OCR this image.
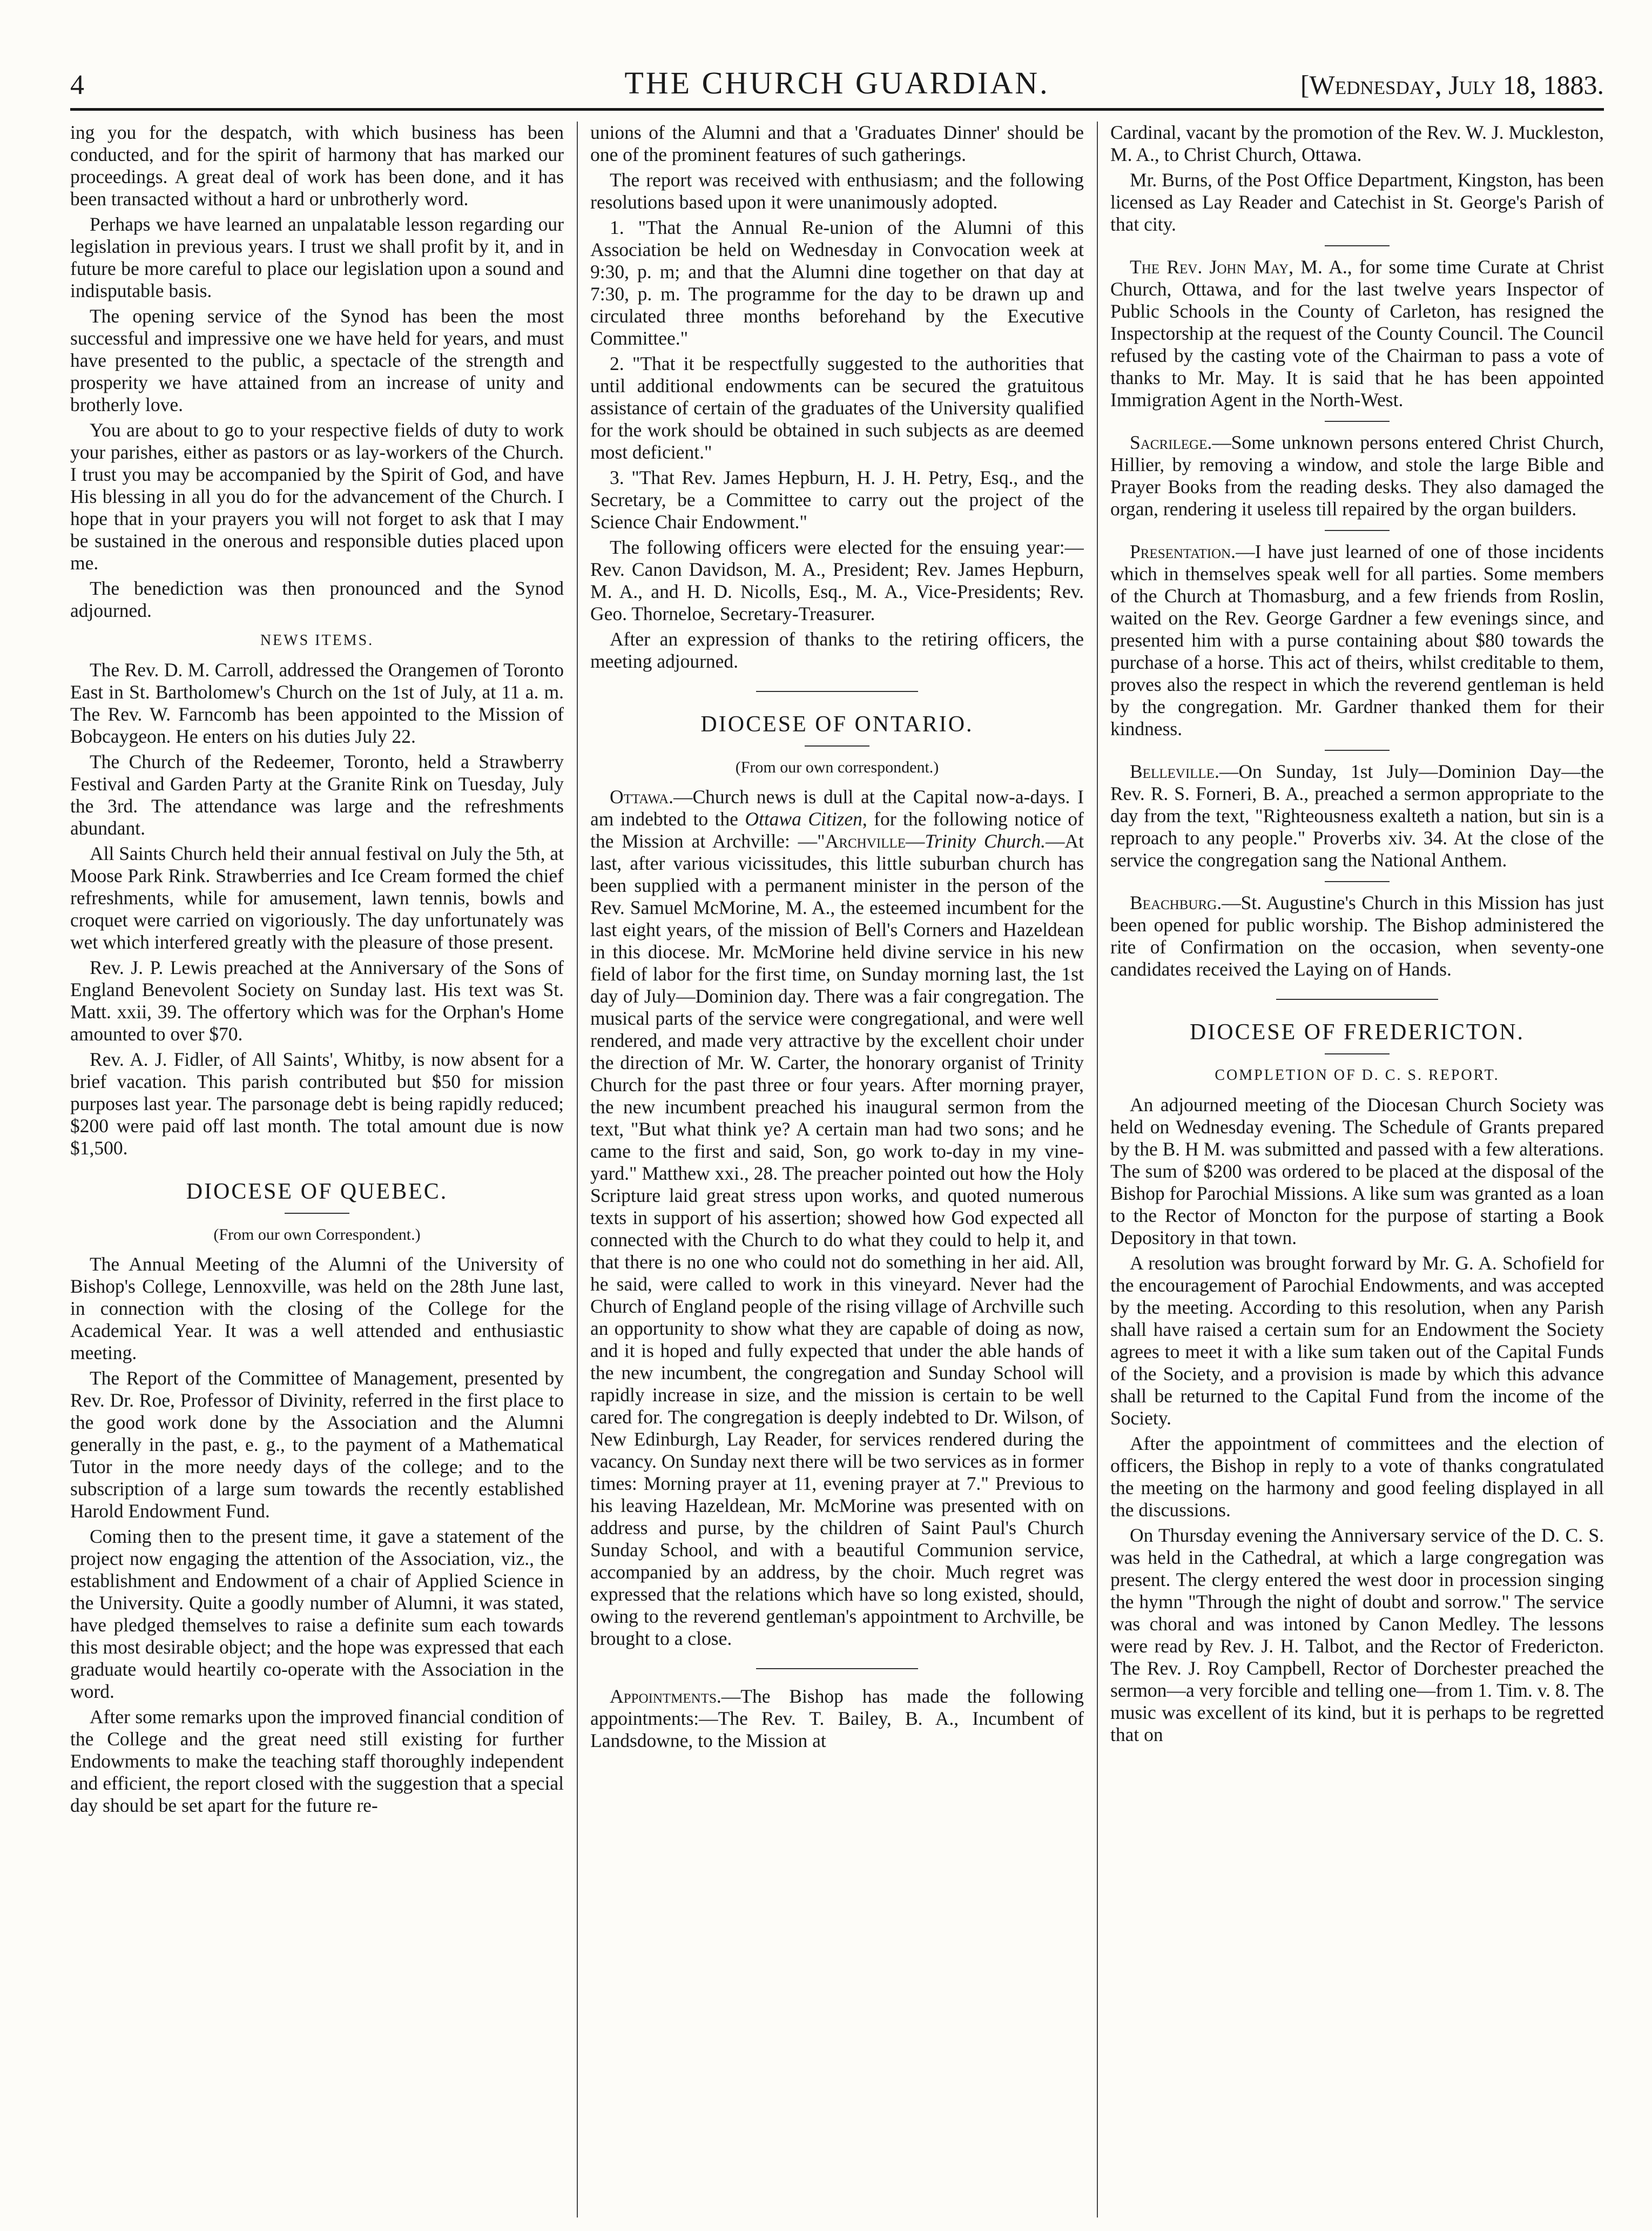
4	THE CHURCH GUARDIAN.	[Wednesday, July 18, 1883.

ing you for the despatch, with which business has been conducted, and for the spirit of harmony that has marked our proceedings. A great deal of work has been done, and it has been transacted without a hard or unbrotherly word.

Perhaps we have learned an unpalatable lesson regarding our legislation in previous years. I trust we shall profit by it, and in future be more careful to place our legislation upon a sound and indisputable basis.

The opening service of the Synod has been the most successful and impressive one we have held for years, and must have presented to the public, a spectacle of the strength and prosperity we have attained from an increase of unity and brotherly love.

You are about to go to your respective fields of duty to work your parishes, either as pastors or as lay-workers of the Church. I trust you may be accompanied by the Spirit of God, and have His blessing in all you do for the advancement of the Church. I hope that in your prayers you will not forget to ask that I may be sustained in the onerous and responsible duties placed upon me.

The benediction was then pronounced and the Synod adjourned.

NEWS ITEMS.

The Rev. D. M. Carroll, addressed the Orangemen of Toronto East in St. Bartholomew's Church on the 1st of July, at 11 a. m. The Rev. W. Farncomb has been appointed to the Mission of Bobcaygeon. He enters on his duties July 22.

The Church of the Redeemer, Toronto, held a Strawberry Festival and Garden Party at the Granite Rink on Tuesday, July the 3rd. The attendance was large and the refreshments abundant.

All Saints Church held their annual festival on July the 5th, at Moose Park Rink. Strawberries and Ice Cream formed the chief refreshments, while for amusement, lawn tennis, bowls and croquet were carried on vigoriously. The day unfortunately was wet which interfered greatly with the pleasure of those present.

Rev. J. P. Lewis preached at the Anniversary of the Sons of England Benevolent Society on Sunday last. His text was St. Matt. xxii, 39. The offertory which was for the Orphan's Home amounted to over $70.

Rev. A. J. Fidler, of All Saints', Whitby, is now absent for a brief vacation. This parish contributed but $50 for mission purposes last year. The parsonage debt is being rapidly reduced; $200 were paid off last month. The total amount due is now $1,500.

DIOCESE OF QUEBEC.
(From our own Correspondent.)

The Annual Meeting of the Alumni of the University of Bishop's College, Lennoxville, was held on the 28th June last, in connection with the closing of the College for the Academical Year. It was a well attended and enthusiastic meeting.

The Report of the Committee of Management, presented by Rev. Dr. Roe, Professor of Divinity, referred in the first place to the good work done by the Association and the Alumni generally in the past, e. g., to the payment of a Mathematical Tutor in the more needy days of the college; and to the subscription of a large sum towards the recently established Harold Endowment Fund.

Coming then to the present time, it gave a statement of the project now engaging the attention of the Association, viz., the establishment and Endowment of a chair of Applied Science in the University. Quite a goodly number of Alumni, it was stated, have pledged themselves to raise a definite sum each towards this most desirable object; and the hope was expressed that each graduate would heartily co-operate with the Association in the word.

After some remarks upon the improved financial condition of the College and the great need still existing for further Endowments to make the teaching staff thoroughly independent and efficient, the report closed with the suggestion that a special day should be set apart for the future re-

unions of the Alumni and that a 'Graduates Dinner' should be one of the prominent features of such gatherings.

The report was received with enthusiasm; and the following resolutions based upon it were unanimously adopted.

1. "That the Annual Re-union of the Alumni of this Association be held on Wednesday in Convocation week at 9:30, p. m; and that the Alumni dine together on that day at 7:30, p. m. The programme for the day to be drawn up and circulated three months beforehand by the Executive Committee."

2. "That it be respectfully suggested to the authorities that until additional endowments can be secured the gratuitous assistance of certain of the graduates of the University qualified for the work should be obtained in such subjects as are deemed most deficient."

3. "That Rev. James Hepburn, H. J. H. Petry, Esq., and the Secretary, be a Committee to carry out the project of the Science Chair Endowment."

The following officers were elected for the ensuing year:—Rev. Canon Davidson, M. A., President; Rev. James Hepburn, M. A., and H. D. Nicolls, Esq., M. A., Vice-Presidents; Rev. Geo. Thorneloe, Secretary-Treasurer.

After an expression of thanks to the retiring officers, the meeting adjourned.

DIOCESE OF ONTARIO.
(From our own correspondent.)

Ottawa.—Church news is dull at the Capital now-a-days. I am indebted to the Ottawa Citizen, for the following notice of the Mission at Archville: —"Archville—Trinity Church.—At last, after various vicissitudes, this little suburban church has been supplied with a permanent minister in the person of the Rev. Samuel McMorine, M. A., the esteemed incumbent for the last eight years, of the mission of Bell's Corners and Hazeldean in this diocese. Mr. McMorine held divine service in his new field of labor for the first time, on Sunday morning last, the 1st day of July—Dominion day. There was a fair congregation. The musical parts of the service were congregational, and were well rendered, and made very attractive by the excellent choir under the direction of Mr. W. Carter, the honorary organist of Trinity Church for the past three or four years. After morning prayer, the new incumbent preached his inaugural sermon from the text, "But what think ye? A certain man had two sons; and he came to the first and said, Son, go work to-day in my vine-yard." Matthew xxi., 28. The preacher pointed out how the Holy Scripture laid great stress upon works, and quoted numerous texts in support of his assertion; showed how God expected all connected with the Church to do what they could to help it, and that there is no one who could not do something in her aid. All, he said, were called to work in this vineyard. Never had the Church of England people of the rising village of Archville such an opportunity to show what they are capable of doing as now, and it is hoped and fully expected that under the able hands of the new incumbent, the congregation and Sunday School will rapidly increase in size, and the mission is certain to be well cared for. The congregation is deeply indebted to Dr. Wilson, of New Edinburgh, Lay Reader, for services rendered during the vacancy. On Sunday next there will be two services as in former times: Morning prayer at 11, evening prayer at 7." Previous to his leaving Hazeldean, Mr. McMorine was presented with on address and purse, by the children of Saint Paul's Church Sunday School, and with a beautiful Communion service, accompanied by an address, by the choir. Much regret was expressed that the relations which have so long existed, should, owing to the reverend gentleman's appointment to Archville, be brought to a close.

Appointments.—The Bishop has made the following appointments:—The Rev. T. Bailey, B. A., Incumbent of Landsdowne, to the Mission at

Cardinal, vacant by the promotion of the Rev. W. J. Muckleston, M. A., to Christ Church, Ottawa.

Mr. Burns, of the Post Office Department, Kingston, has been licensed as Lay Reader and Catechist in St. George's Parish of that city.

The Rev. John May, M. A., for some time Curate at Christ Church, Ottawa, and for the last twelve years Inspector of Public Schools in the County of Carleton, has resigned the Inspectorship at the request of the County Council. The Council refused by the casting vote of the Chairman to pass a vote of thanks to Mr. May. It is said that he has been appointed Immigration Agent in the North-West.

Sacrilege.—Some unknown persons entered Christ Church, Hillier, by removing a window, and stole the large Bible and Prayer Books from the reading desks. They also damaged the organ, rendering it useless till repaired by the organ builders.

Presentation.—I have just learned of one of those incidents which in themselves speak well for all parties. Some members of the Church at Thomasburg, and a few friends from Roslin, waited on the Rev. George Gardner a few evenings since, and presented him with a purse containing about $80 towards the purchase of a horse. This act of theirs, whilst creditable to them, proves also the respect in which the reverend gentleman is held by the congregation. Mr. Gardner thanked them for their kindness.

Belleville.—On Sunday, 1st July—Dominion Day—the Rev. R. S. Forneri, B. A., preached a sermon appropriate to the day from the text, "Righteousness exalteth a nation, but sin is a reproach to any people." Proverbs xiv. 34. At the close of the service the congregation sang the National Anthem.

Beachburg.—St. Augustine's Church in this Mission has just been opened for public worship. The Bishop administered the rite of Confirmation on the occasion, when seventy-one candidates received the Laying on of Hands.

DIOCESE OF FREDERICTON.
COMPLETION OF D. C. S. REPORT.

An adjourned meeting of the Diocesan Church Society was held on Wednesday evening. The Schedule of Grants prepared by the B. H M. was submitted and passed with a few alterations. The sum of $200 was ordered to be placed at the disposal of the Bishop for Parochial Missions. A like sum was granted as a loan to the Rector of Moncton for the purpose of starting a Book Depository in that town.

A resolution was brought forward by Mr. G. A. Schofield for the encouragement of Parochial Endowments, and was accepted by the meeting. According to this resolution, when any Parish shall have raised a certain sum for an Endowment the Society agrees to meet it with a like sum taken out of the Capital Funds of the Society, and a provision is made by which this advance shall be returned to the Capital Fund from the income of the Society.

After the appointment of committees and the election of officers, the Bishop in reply to a vote of thanks congratulated the meeting on the harmony and good feeling displayed in all the discussions.

On Thursday evening the Anniversary service of the D. C. S. was held in the Cathedral, at which a large congregation was present. The clergy entered the west door in procession singing the hymn "Through the night of doubt and sorrow." The service was choral and was intoned by Canon Medley. The lessons were read by Rev. J. H. Talbot, and the Rector of Fredericton. The Rev. J. Roy Campbell, Rector of Dorchester preached the sermon—a very forcible and telling one—from 1. Tim. v. 8. The music was excellent of its kind, but it is perhaps to be regretted that on
